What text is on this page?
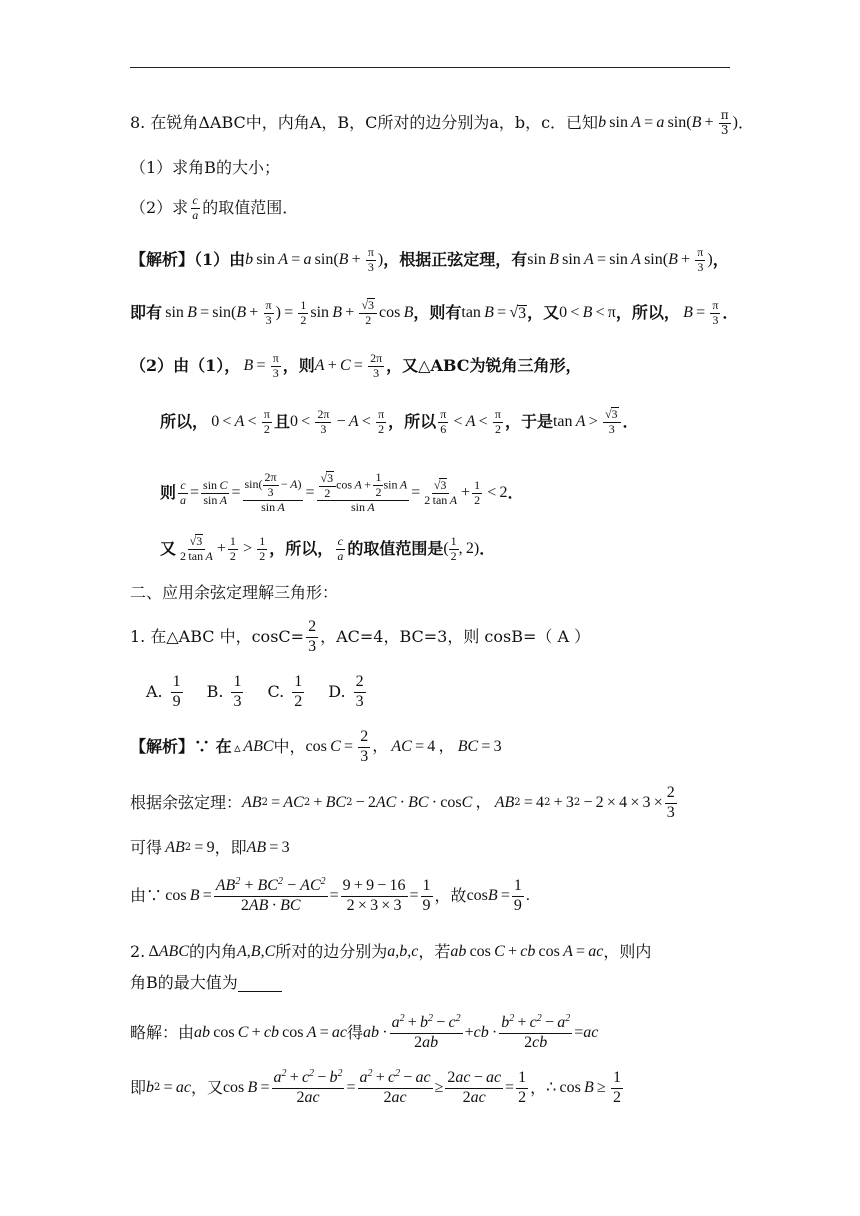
8. 在锐角ΔABC中，内角A，B，C所对的边分别为a，b，c．已知 b  sin  A  =  a  sin( $B + \frac{\pi}{3}$ ) ．
（1）求角B的大小；
（2）求 c
a 的取值范围．
【解析】（1）由 b  sin  A  =  a  sin( $B + \frac{\pi}{3}$ ) ，根据正弦定理，有 sin  B  sin  A  = sin  A  sin( $B + \frac{\pi}{3}$ ) ，
即有  sin  B  = sin( $B + \frac{\pi}{3}$ ) =  $\frac{1}{2}$ $\sin B + \frac{√3}{2}$ cos  B ，则有 tan  B  =  √ 3 ，又 0 <  B  < π ，所以，  $B = \frac{\pi}{3}$ ．
（2）由（1），  $B = \frac{\pi}{3}$ ，则 $A + C = \frac{2\pi}{3}$ ，又△ABC为锐角三角形，
所以，  0 <  A  <  π
2 且 0 <  2π
3  −  A  <  π
2 ，所以 π
6  <  A  <  π
2 ，于是 tan  A  >  √3
3 ．
则 $\frac{c}{a} = \frac{\text{sin C}}{\text{sin A}} = \frac{\sin( \frac{2\pi}{3} - A)}{\text{sin A}} = \frac{\frac{√3}{2} \cos A + \frac{1}{2} \sin A}{\text{sin A}} = \frac{√3}{\text{2 tan A}} + \frac{1}{2} < 2$ ．
又 √3
2 $\tan A + \frac{1}{2} > 1$
2 ，所以， c
a 的取值范围是 ( 1
2 , 2) ．
二、应用余弦定理解三角形：
1. 在△ABC 中，$\cos C= \frac{2}{3}$ ，AC=4，BC=3，则 cosB=（ A ）
A.
1
9 B.
1
3 C.
1
2 D.
2
3
【解析】∵ 在  ▵  ABC 中， $\cos C = \frac{2}{3}$ ，  AC  = 4 ，  BC  = 3
根据余弦定理： AB 2  =  AC 2  +  BC 2  − 2 AC  ·  BC  · cos C  ，  AB 2  = 4 2  + 3 $2 - 2 \times 4 \times 3 \times \frac{2}{3}$
可得  AB 2  = 9 ，即 AB  = 3
由∵  $\cos B = \frac{AB^2 + BC^2 - AC^2}{2AB \cdot BC} = \frac{9 + 9 - 16}{2 \times 3 \times 3} = \frac{1}{9}$ ，故 $\cos B = \frac{1}{9}$ .
2.  Δ ABC 的内角 A , B , C 所对的边分别为 a , b , c ，若 ab  cos  C  +  cb  cos  A  =  ac ，则内
角B的最大值为
略解：由 ab  cos  C  +  cb  cos  A  =  ac 得 ab  ·
$a^2 + b^2 - c^2$
2ab
+ cb  · $\frac{b^2 + c^2 - a^2}{2cb}$ = ac
即 b 2  =  ac ，又 $\cos B = \frac{a^2 + c^2 - b^2}{2ac} = \frac{a^2 + c^2 - ac}{2ac} \ge \frac{2ac - ac}{2ac} = \frac{1}{2}$ ， ∴ $\cos B \ge \frac{1}{2}$
